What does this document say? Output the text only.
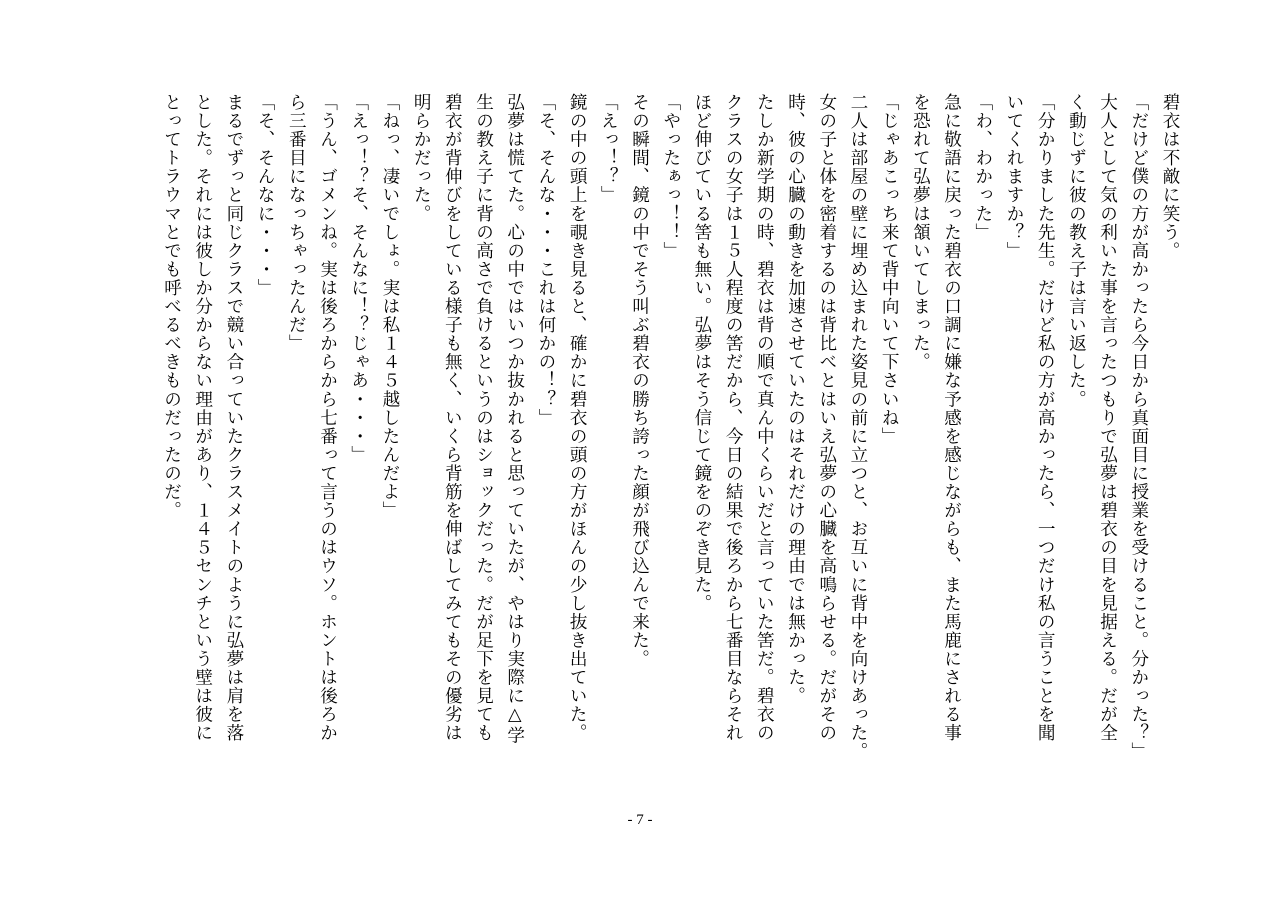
碧衣は不敵に笑う。
「だけど僕の方が高かったら今日から真面目に授業を受けること。分かった？」
大人として気の利いた事を言ったつもりで弘夢は碧衣の目を見据える。だが全
く動じずに彼の教え子は言い返した。
「分かりました先生。だけど私の方が高かったら、一つだけ私の言うことを聞
いてくれますか？」
「わ、わかった」
急に敬語に戻った碧衣の口調に嫌な予感を感じながらも、また馬鹿にされる事
を恐れて弘夢は頷いてしまった。
「じゃあこっち来て背中向いて下さいね」
二人は部屋の壁に埋め込まれた姿見の前に立つと、お互いに背中を向けあった。
女の子と体を密着するのは背比べとはいえ弘夢の心臓を高鳴らせる。だがその
時、彼の心臓の動きを加速させていたのはそれだけの理由では無かった。
たしか新学期の時、碧衣は背の順で真ん中くらいだと言っていた筈だ。碧衣の
クラスの女子は１５人程度の筈だから、今日の結果で後ろから七番目ならそれ
ほど伸びている筈も無い。弘夢はそう信じて鏡をのぞき見た。
「やったぁっ！！」
その瞬間、鏡の中でそう叫ぶ碧衣の勝ち誇った顔が飛び込んで来た。
「えっ！？」
鏡の中の頭上を覗き見ると、確かに碧衣の頭の方がほんの少し抜き出ていた。
「そ、そんな・・・これは何かの！？」
弘夢は慌てた。心の中ではいつか抜かれると思っていたが、やはり実際に△学
生の教え子に背の高さで負けるというのはショックだった。だが足下を見ても
碧衣が背伸びをしている様子も無く、いくら背筋を伸ばしてみてもその優劣は
明らかだった。
「ねっ、凄いでしょ。実は私１４５越したんだよ」
「えっ！？そ、そんなに！？じゃあ・・・」
「うん、ゴメンね。実は後ろからから七番って言うのはウソ。ホントは後ろか
ら三番目になっちゃったんだ」
「そ、そんなに・・・」
まるでずっと同じクラスで競い合っていたクラスメイトのように弘夢は肩を落
とした。それには彼しか分からない理由があり、１４５センチという壁は彼に
とってトラウマとでも呼べるべきものだったのだ。
- 7 -
